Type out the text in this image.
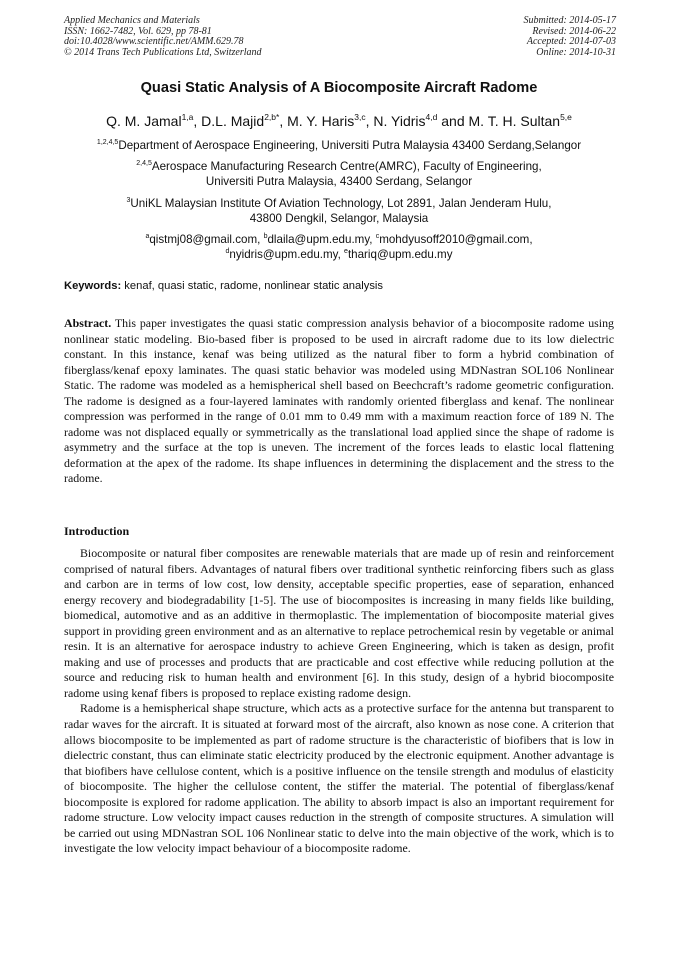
Applied Mechanics and Materials
ISSN: 1662-7482, Vol. 629, pp 78-81
doi:10.4028/www.scientific.net/AMM.629.78
© 2014 Trans Tech Publications Ltd, Switzerland
Submitted: 2014-05-17
Revised: 2014-06-22
Accepted: 2014-07-03
Online: 2014-10-31
Quasi Static Analysis of A Biocomposite Aircraft Radome
Q. M. Jamal$^{1,a}$, D.L. Majid$^{2,b*}$, M. Y. Haris$^{3,c}$, N. Yidris$^{4,d}$ and M. T. H. Sultan$^{5,e}$
$^{1,2,4,5}$Department of Aerospace Engineering, Universiti Putra Malaysia 43400 Serdang,Selangor
$^{2,4,5}$Aerospace Manufacturing Research Centre(AMRC), Faculty of Engineering,
Universiti Putra Malaysia, 43400 Serdang, Selangor
$^3$UniKL Malaysian Institute Of Aviation Technology, Lot 2891, Jalan Jenderam Hulu,
43800 Dengkil, Selangor, Malaysia
$^a$qistmj08@gmail.com, $^b$dlaila@upm.edu.my, $^c$mohdyusoff2010@gmail.com,
$^d$nyidris@upm.edu.my, $^e$thariq@upm.edu.my
Keywords: kenaf, quasi static, radome, nonlinear static analysis
Abstract. This paper investigates the quasi static compression analysis behavior of a biocomposite radome using nonlinear static modeling. Bio-based fiber is proposed to be used in aircraft radome due to its low dielectric constant. In this instance, kenaf was being utilized as the natural fiber to form a hybrid combination of fiberglass/kenaf epoxy laminates. The quasi static behavior was modeled using MDNastran SOL106 Nonlinear Static. The radome was modeled as a hemispherical shell based on Beechcraft’s radome geometric configuration. The radome is designed as a four-layered laminates with randomly oriented fiberglass and kenaf. The nonlinear compression was performed in the range of 0.01 mm to 0.49 mm with a maximum reaction force of 189 N. The radome was not displaced equally or symmetrically as the translational load applied since the shape of radome is asymmetry and the surface at the top is uneven. The increment of the forces leads to elastic local flattening deformation at the apex of the radome. Its shape influences in determining the displacement and the stress to the radome.
Introduction

Biocomposite or natural fiber composites are renewable materials that are made up of resin and reinforcement comprised of natural fibers. Advantages of natural fibers over traditional synthetic reinforcing fibers such as glass and carbon are in terms of low cost, low density, acceptable specific properties, ease of separation, enhanced energy recovery and biodegradability [1-5]. The use of biocomposites is increasing in many fields like building, biomedical, automotive and as an additive in thermoplastic. The implementation of biocomposite material gives support in providing green environment and as an alternative to replace petrochemical resin by vegetable or animal resin. It is an alternative for aerospace industry to achieve Green Engineering, which is taken as design, profit making and use of processes and products that are practicable and cost effective while reducing pollution at the source and reducing risk to human health and environment [6]. In this study, design of a hybrid biocomposite radome using kenaf fibers is proposed to replace existing radome design.

Radome is a hemispherical shape structure, which acts as a protective surface for the antenna but transparent to radar waves for the aircraft. It is situated at forward most of the aircraft, also known as nose cone. A criterion that allows biocomposite to be implemented as part of radome structure is the characteristic of biofibers that is low in dielectric constant, thus can eliminate static electricity produced by the electronic equipment. Another advantage is that biofibers have cellulose content, which is a positive influence on the tensile strength and modulus of elasticity of biocomposite. The higher the cellulose content, the stiffer the material. The potential of fiberglass/kenaf biocomposite is explored for radome application. The ability to absorb impact is also an important requirement for radome structure. Low velocity impact causes reduction in the strength of composite structures. A simulation will be carried out using MDNastran SOL 106 Nonlinear static to delve into the main objective of the work, which is to investigate the low velocity impact behaviour of a biocomposite radome.
